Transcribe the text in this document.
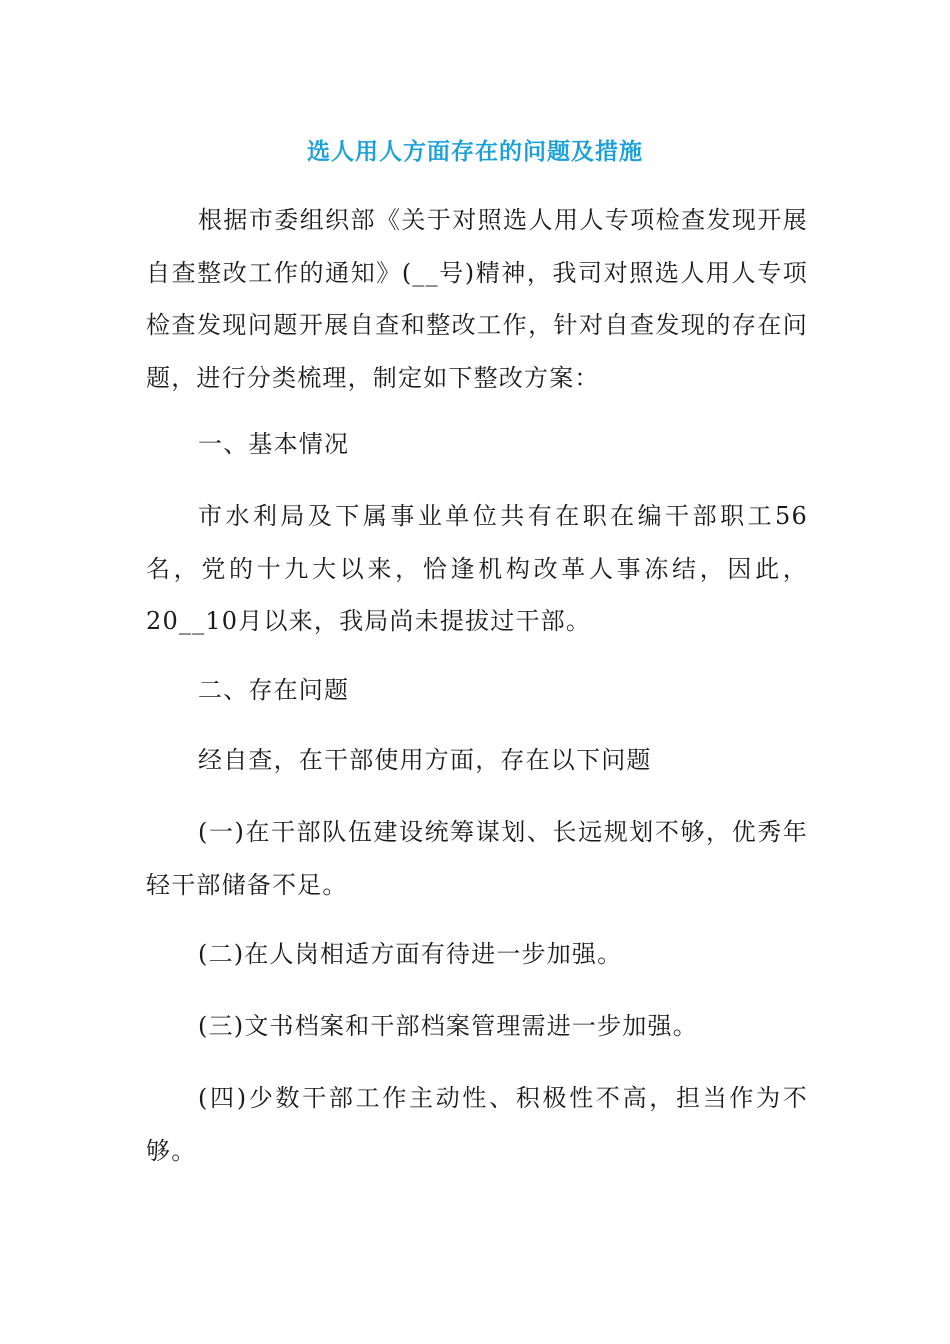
选人用人方面存在的问题及措施

根据市委组织部《关于对照选人用人专项检查发现开展自查整改工作的通知》(__号)精神，我司对照选人用人专项检查发现问题开展自查和整改工作，针对自查发现的存在问题，进行分类梳理，制定如下整改方案：

一、基本情况

市水利局及下属事业单位共有在职在编干部职工56名，党的十九大以来，恰逢机构改革人事冻结，因此，20__10月以来，我局尚未提拔过干部。

二、存在问题

经自查，在干部使用方面，存在以下问题

(一)在干部队伍建设统筹谋划、长远规划不够，优秀年轻干部储备不足。

(二)在人岗相适方面有待进一步加强。

(三)文书档案和干部档案管理需进一步加强。

(四)少数干部工作主动性、积极性不高，担当作为不够。
